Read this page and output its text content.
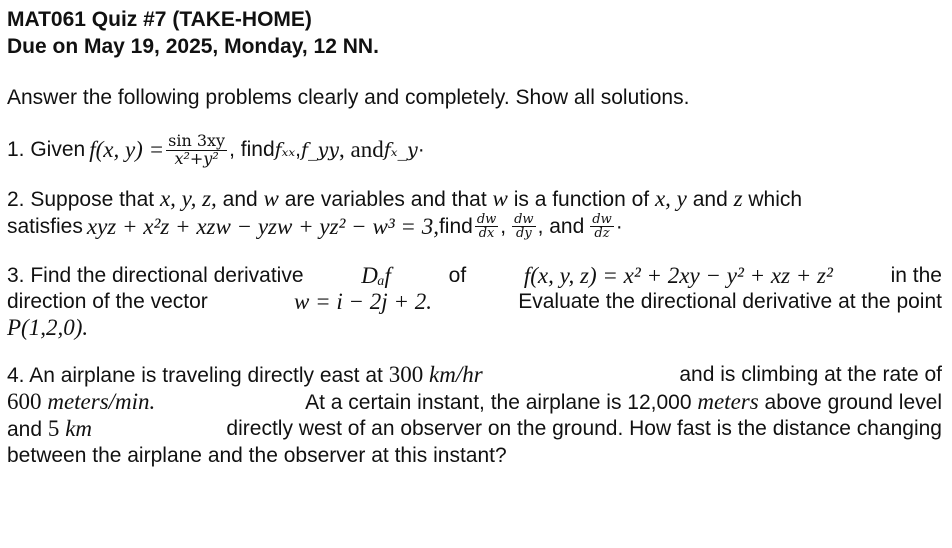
MAT061 Quiz #7 (TAKE-HOME)
Due on May 19, 2025, Monday, 12 NN.
Answer the following problems clearly and completely. Show all solutions.
1. Given f(x, $y) = \frac{\sin 3xy}{\text{x²+y²}}$ , find fₓₓ , f_yy , and fₓ_y ·
2. Suppose that x, y, z, and w are variables and that w is a function of x, y and z which
satisfies xyz + x²z + xzw − yzw + yz² − w³ = 3, find $\frac{dw}{dx}$ , $\frac{dw}{dy}$ , and $\frac{dw}{dz}$ ·
3. Find the directional derivative	Dₐf	of	f(x, y, z) = x² + 2xy − y² + xz + z²	in the
direction of the vector	w = i − 2j + 2.	Evaluate the directional derivative at the point
P(1,2,0).
4. An airplane is traveling directly east at 300 km/hr	and is climbing at the rate of
600 meters/min.	At a certain instant, the airplane is 12,000 meters above ground level
and 5 km	directly west of an observer on the ground. How fast is the distance changing
between the airplane and the observer at this instant?
